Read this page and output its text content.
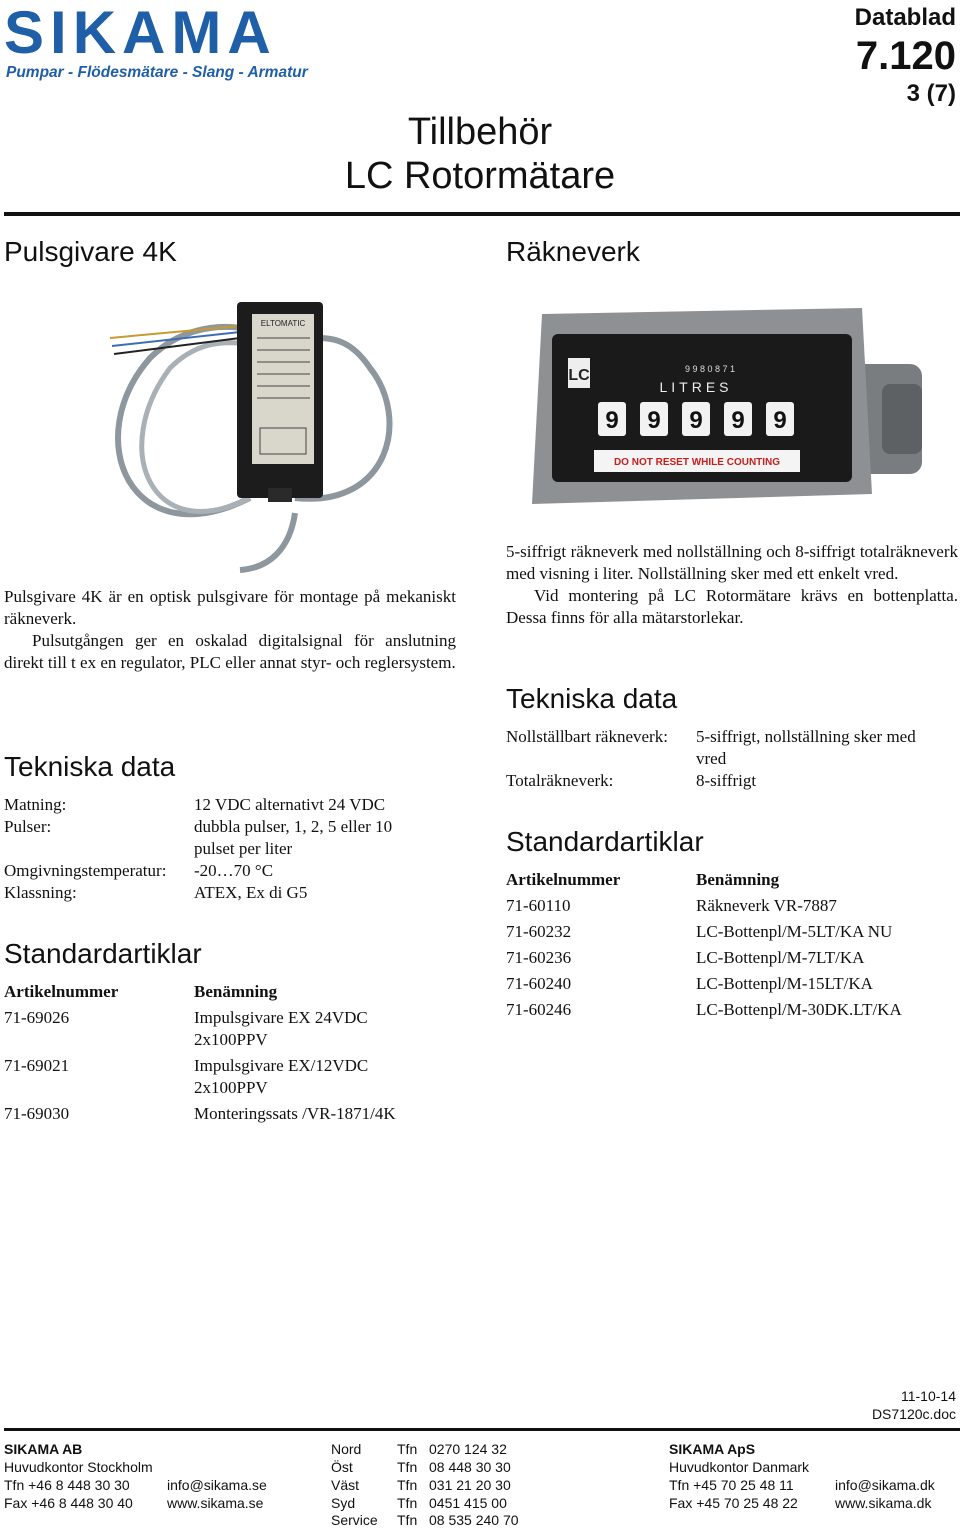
SIKAMA
Pumpar - Flödesmätare - Slang - Armatur
Datablad
7.120
3 (7)
Tillbehör
LC Rotormätare
Pulsgivare 4K
ELTOMATIC

Pulsgivare 4K är en optisk pulsgivare för montage på mekaniskt räkneverk.

Pulsutgången ger en oskalad digitalsignal för anslutning direkt till t ex en regulator, PLC eller annat styr- och reglersystem.

Tekniska data
Matning:	12 VDC alternativt 24 VDC
Pulser:	dubbla pulser, 1, 2, 5 eller 10
pulset per liter
Omgivningstemperatur: -20…70 °C
Klassning:	ATEX, Ex di G5
Standardartiklar
Artikelnummer	Benämning
71-69026	Impulsgivare EX 24VDC
2x100PPV
71-69021	Impulsgivare EX/12VDC
2x100PPV
71-69030	Monteringssats /VR-1871/4K
Räkneverk
LC	9 9 8 0 8 7 1
LITRES
9 9 9 9 9
DO NOT RESET WHILE COUNTING

5-siffrigt räkneverk med nollställning och 8-siffrigt totalräkneverk med visning i liter. Nollställning sker med ett enkelt vred.

Vid montering på LC Rotormätare krävs en bottenplatta. Dessa finns för alla mätarstorlekar.

Tekniska data
Nollställbart räkneverk: 5-siffrigt, nollställning sker med
vred
Totalräkneverk:	8-siffrigt
Standardartiklar
Artikelnummer	Benämning
71-60110	Räkneverk VR-7887
71-60232	LC-Bottenpl/M-5LT/KA NU
71-60236	LC-Bottenpl/M-7LT/KA
71-60240	LC-Bottenpl/M-15LT/KA
71-60246	LC-Bottenpl/M-30DK.LT/KA
11-10-14
DS7120c.doc
SIKAMA AB
Huvudkontor Stockholm
Tfn +46 8 448 30 30
Fax +46 8 448 30 40
info@sikama.se
www.sikama.se
Nord	Tfn 0270 124 32
Öst	Tfn 08 448 30 30
Väst	Tfn 031 21 20 30
Syd	Tfn 0451 415 00
Service Tfn 08 535 240 70
SIKAMA ApS
Huvudkontor Danmark
Tfn +45 70 25 48 11
Fax +45 70 25 48 22
info@sikama.dk
www.sikama.dk
